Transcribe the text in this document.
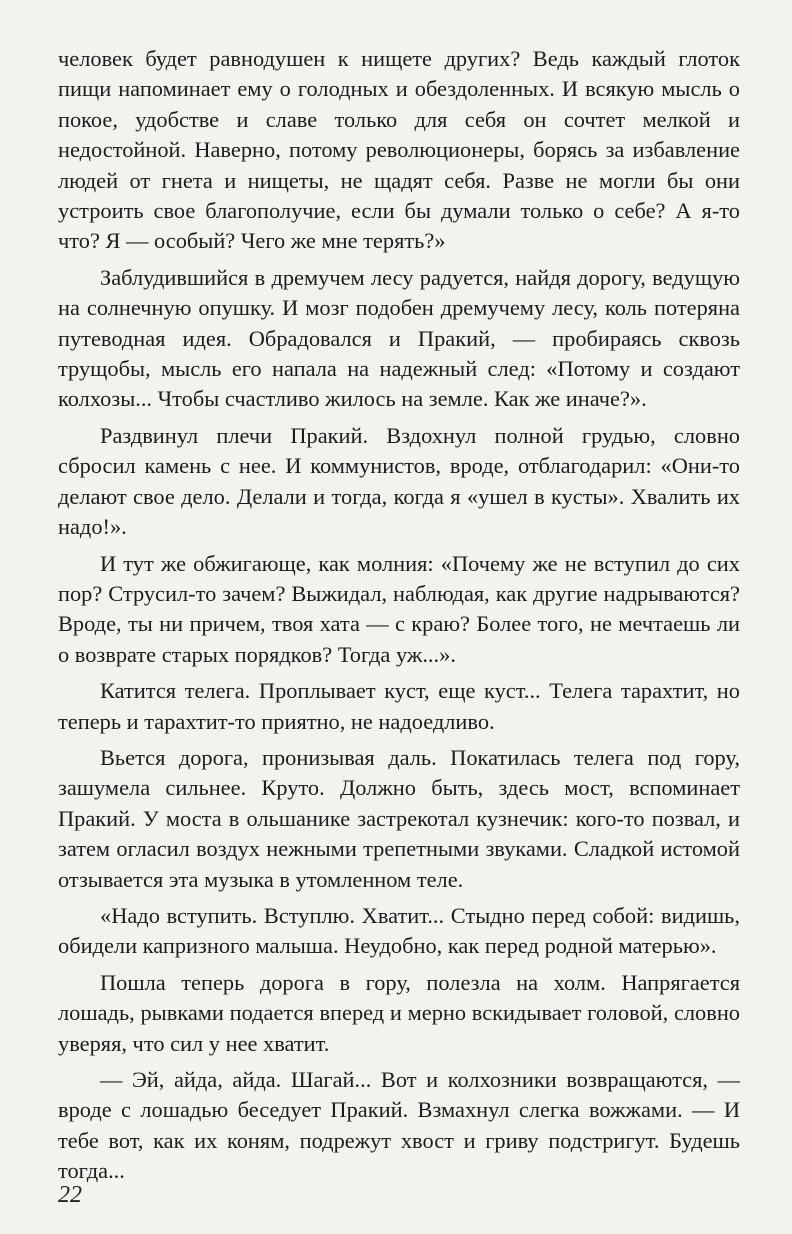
человек будет равнодушен к нищете других? Ведь каждый глоток пищи напоминает ему о голодных и обездоленных. И всякую мысль о покое, удобстве и славе только для себя он сочтет мелкой и недостойной. Наверно, потому революционеры, борясь за избавление людей от гнета и нищеты, не щадят себя. Разве не могли бы они устроить свое благополучие, если бы думали только о себе? А я-то что? Я — особый? Чего же мне терять?»

Заблудившийся в дремучем лесу радуется, найдя дорогу, ведущую на солнечную опушку. И мозг подобен дремучему лесу, коль потеряна путеводная идея. Обрадовался и Пракий, — пробираясь сквозь трущобы, мысль его напала на надежный след: «Потому и создают колхозы... Чтобы счастливо жилось на земле. Как же иначе?».

Раздвинул плечи Пракий. Вздохнул полной грудью, словно сбросил камень с нее. И коммунистов, вроде, отблагодарил: «Они-то делают свое дело. Делали и тогда, когда я «ушел в кусты». Хвалить их надо!».

И тут же обжигающе, как молния: «Почему же не вступил до сих пор? Струсил-то зачем? Выжидал, наблюдая, как другие надрываются? Вроде, ты ни причем, твоя хата — с краю? Более того, не мечтаешь ли о возврате старых порядков? Тогда уж...».

Катится телега. Проплывает куст, еще куст... Телега тарахтит, но теперь и тарахтит-то приятно, не надоедливо.

Вьется дорога, пронизывая даль. Покатилась телега под гору, зашумела сильнее. Круто. Должно быть, здесь мост, вспоминает Пракий. У моста в ольшанике застрекотал кузнечик: кого-то позвал, и затем огласил воздух нежными трепетными звуками. Сладкой истомой отзывается эта музыка в утомленном теле.

«Надо вступить. Вступлю. Хватит... Стыдно перед собой: видишь, обидели капризного малыша. Неудобно, как перед родной матерью».

Пошла теперь дорога в гору, полезла на холм. Напрягается лошадь, рывками подается вперед и мерно вскидывает головой, словно уверяя, что сил у нее хватит.

— Эй, айда, айда. Шагай... Вот и колхозники возвращаются, — вроде с лошадью беседует Пракий. Взмахнул слегка вожжами. — И тебе вот, как их коням, подрежут хвост и гриву подстригут. Будешь тогда...

22
